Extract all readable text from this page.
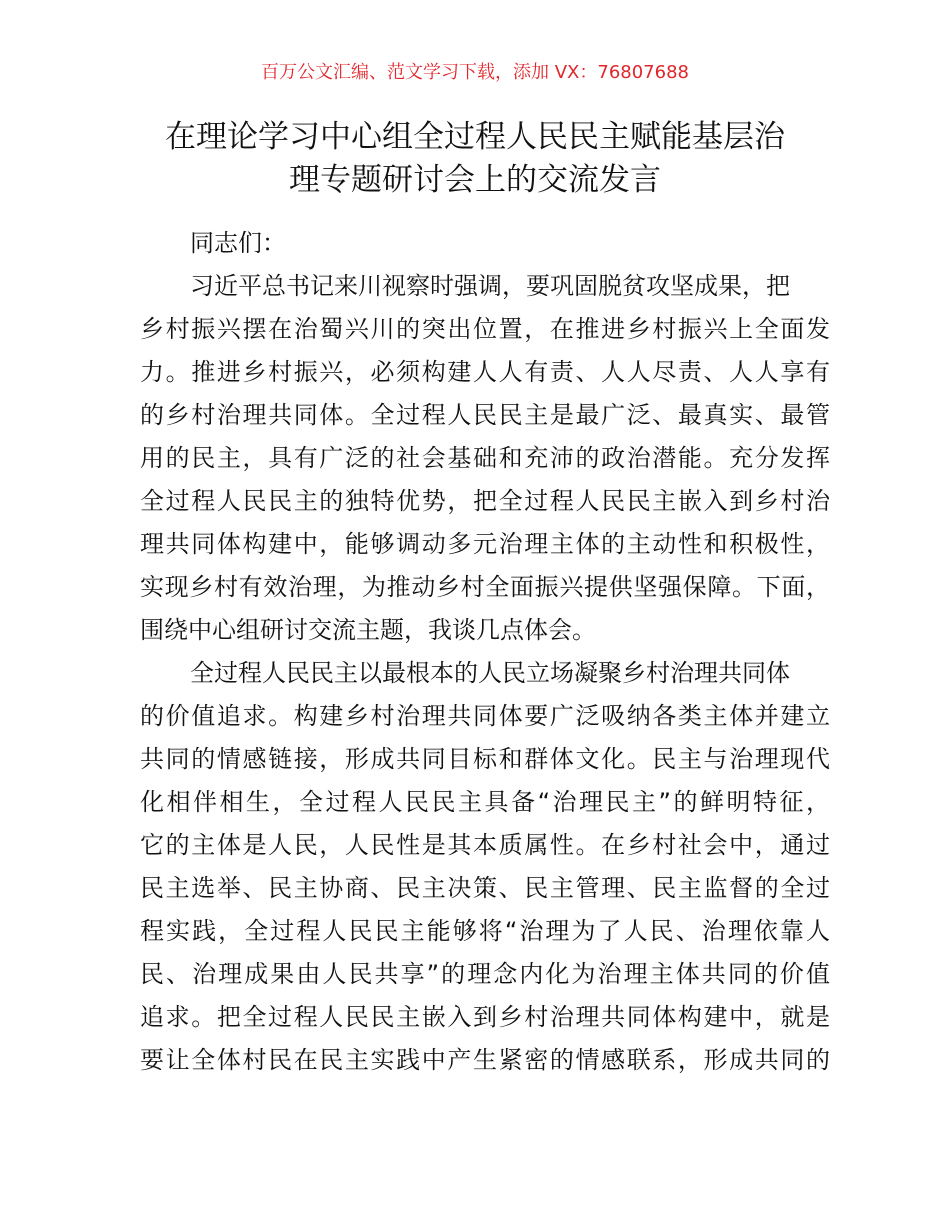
百万公文汇编、范文学习下载，添加 VX：76807688
在理论学习中心组全过程人民民主赋能基层治
理专题研讨会上的交流发言
同志们：
习近平总书记来川视察时强调，要巩固脱贫攻坚成果，把
乡村振兴摆在治蜀兴川的突出位置，在推进乡村振兴上全面发
力。推进乡村振兴，必须构建人人有责、人人尽责、人人享有
的乡村治理共同体。全过程人民民主是最广泛、最真实、最管
用的民主，具有广泛的社会基础和充沛的政治潜能。充分发挥
全过程人民民主的独特优势，把全过程人民民主嵌入到乡村治
理共同体构建中，能够调动多元治理主体的主动性和积极性，
实现乡村有效治理，为推动乡村全面振兴提供坚强保障。下面，
围绕中心组研讨交流主题，我谈几点体会。
全过程人民民主以最根本的人民立场凝聚乡村治理共同体
的价值追求。构建乡村治理共同体要广泛吸纳各类主体并建立
共同的情感链接，形成共同目标和群体文化。民主与治理现代
化相伴相生，全过程人民民主具备“治理民主”的鲜明特征，
它的主体是人民，人民性是其本质属性。在乡村社会中，通过
民主选举、民主协商、民主决策、民主管理、民主监督的全过
程实践，全过程人民民主能够将“治理为了人民、治理依靠人
民、治理成果由人民共享”的理念内化为治理主体共同的价值
追求。把全过程人民民主嵌入到乡村治理共同体构建中，就是
要让全体村民在民主实践中产生紧密的情感联系，形成共同的
